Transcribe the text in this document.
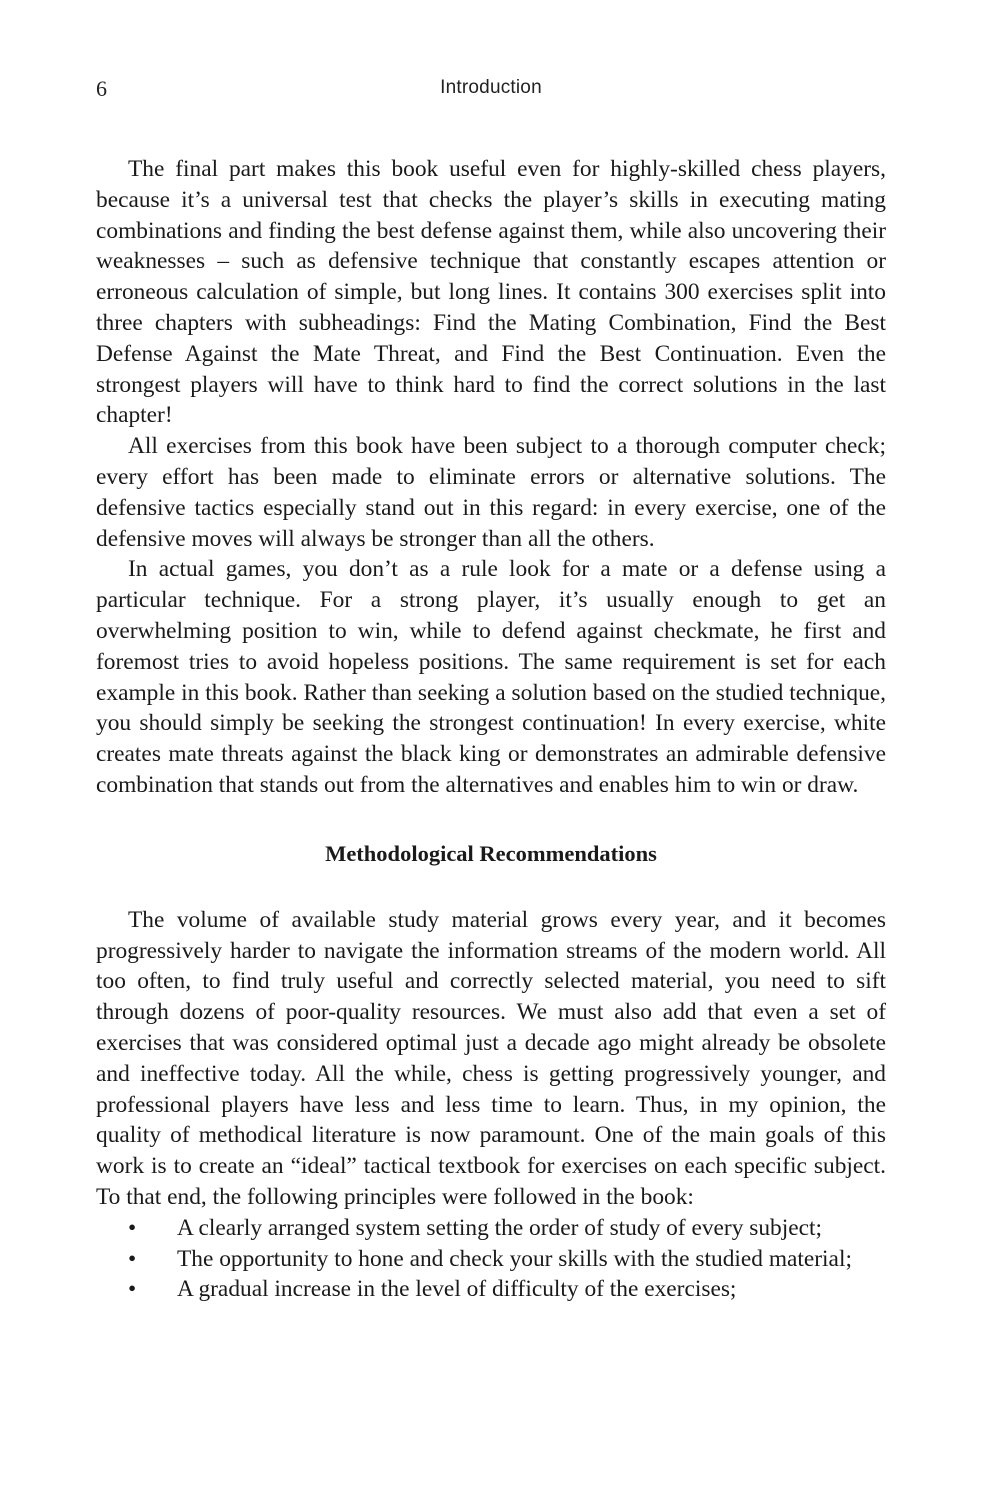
6	Introduction

The final part makes this book useful even for highly-skilled chess players, because it’s a universal test that checks the player’s skills in executing mating combinations and finding the best defense against them, while also uncovering their weaknesses – such as defensive technique that constantly escapes attention or erroneous calculation of simple, but long lines. It contains 300 exercises split into three chapters with subheadings: Find the Mating Combination, Find the Best Defense Against the Mate Threat, and Find the Best Continuation. Even the strongest players will have to think hard to find the correct solutions in the last chapter!

All exercises from this book have been subject to a thorough computer check; every effort has been made to eliminate errors or alternative solutions. The defensive tactics especially stand out in this regard: in every exercise, one of the defensive moves will always be stronger than all the others.

In actual games, you don’t as a rule look for a mate or a defense using a particular technique. For a strong player, it’s usually enough to get an overwhelming position to win, while to defend against checkmate, he first and foremost tries to avoid hopeless positions. The same requirement is set for each example in this book. Rather than seeking a solution based on the studied technique, you should simply be seeking the strongest continuation! In every exercise, white creates mate threats against the black king or demonstrates an admirable defensive combination that stands out from the alternatives and enables him to win or draw.

Methodological Recommendations

The volume of available study material grows every year, and it becomes progressively harder to navigate the information streams of the modern world. All too often, to find truly useful and correctly selected material, you need to sift through dozens of poor-quality resources. We must also add that even a set of exercises that was considered optimal just a decade ago might already be obsolete and ineffective today. All the while, chess is getting progressively younger, and professional players have less and less time to learn. Thus, in my opinion, the quality of methodical literature is now paramount. One of the main goals of this work is to create an “ideal” tactical textbook for exercises on each specific subject. To that end, the following principles were followed in the book:

• A clearly arranged system setting the order of study of every subject;
• The opportunity to hone and check your skills with the studied material;
• A gradual increase in the level of difficulty of the exercises;
